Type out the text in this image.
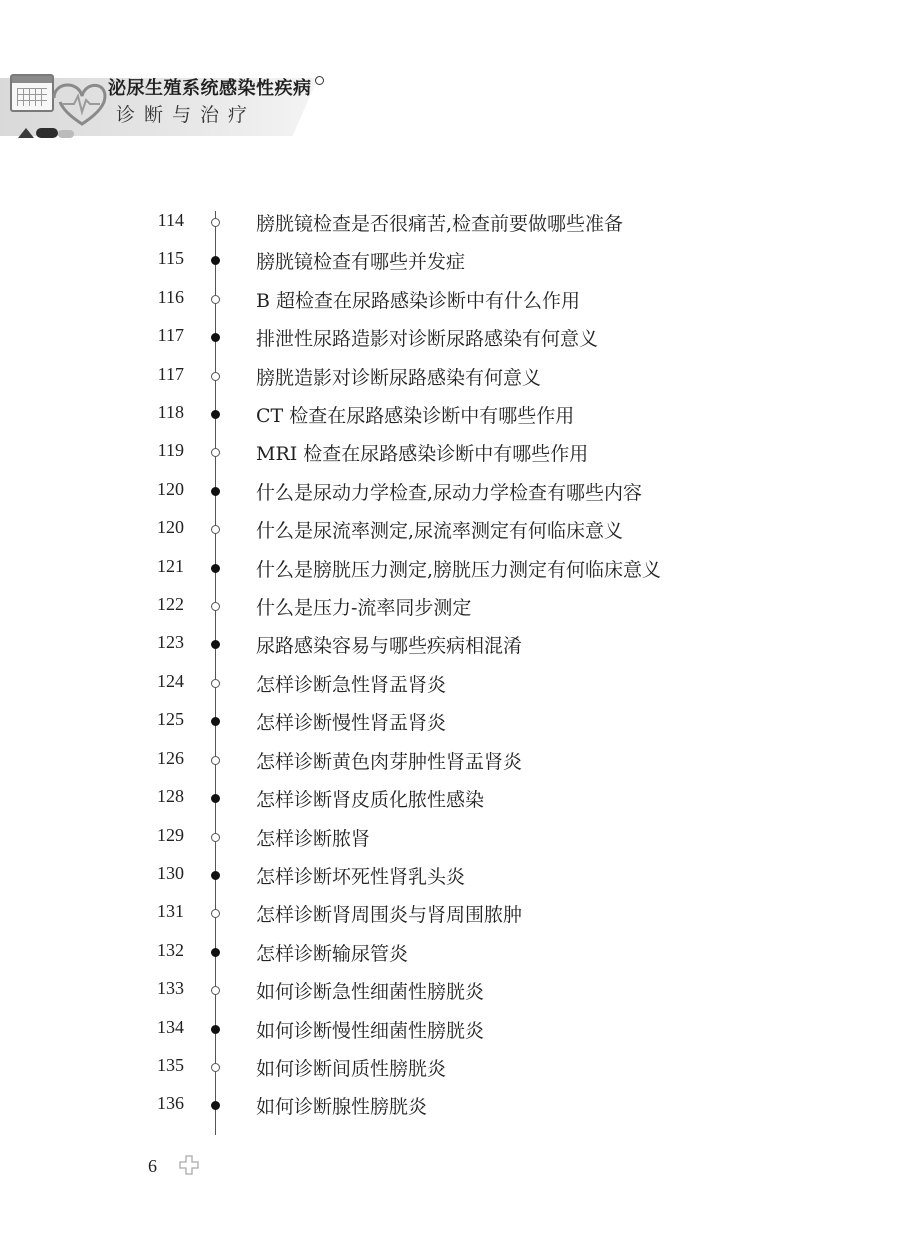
泌尿生殖系统感染性疾病
诊断与治疗
114	膀胱镜检查是否很痛苦,检查前要做哪些准备
115	膀胱镜检查有哪些并发症
116	B 超检查在尿路感染诊断中有什么作用
117	排泄性尿路造影对诊断尿路感染有何意义
117	膀胱造影对诊断尿路感染有何意义
118	CT 检查在尿路感染诊断中有哪些作用
119	MRI 检查在尿路感染诊断中有哪些作用
120	什么是尿动力学检查,尿动力学检查有哪些内容
120	什么是尿流率测定,尿流率测定有何临床意义
121	什么是膀胱压力测定,膀胱压力测定有何临床意义
122	什么是压力-流率同步测定
123	尿路感染容易与哪些疾病相混淆
124	怎样诊断急性肾盂肾炎
125	怎样诊断慢性肾盂肾炎
126	怎样诊断黄色肉芽肿性肾盂肾炎
128	怎样诊断肾皮质化脓性感染
129	怎样诊断脓肾
130	怎样诊断坏死性肾乳头炎
131	怎样诊断肾周围炎与肾周围脓肿
132	怎样诊断输尿管炎
133	如何诊断急性细菌性膀胱炎
134	如何诊断慢性细菌性膀胱炎
135	如何诊断间质性膀胱炎
136	如何诊断腺性膀胱炎
6
